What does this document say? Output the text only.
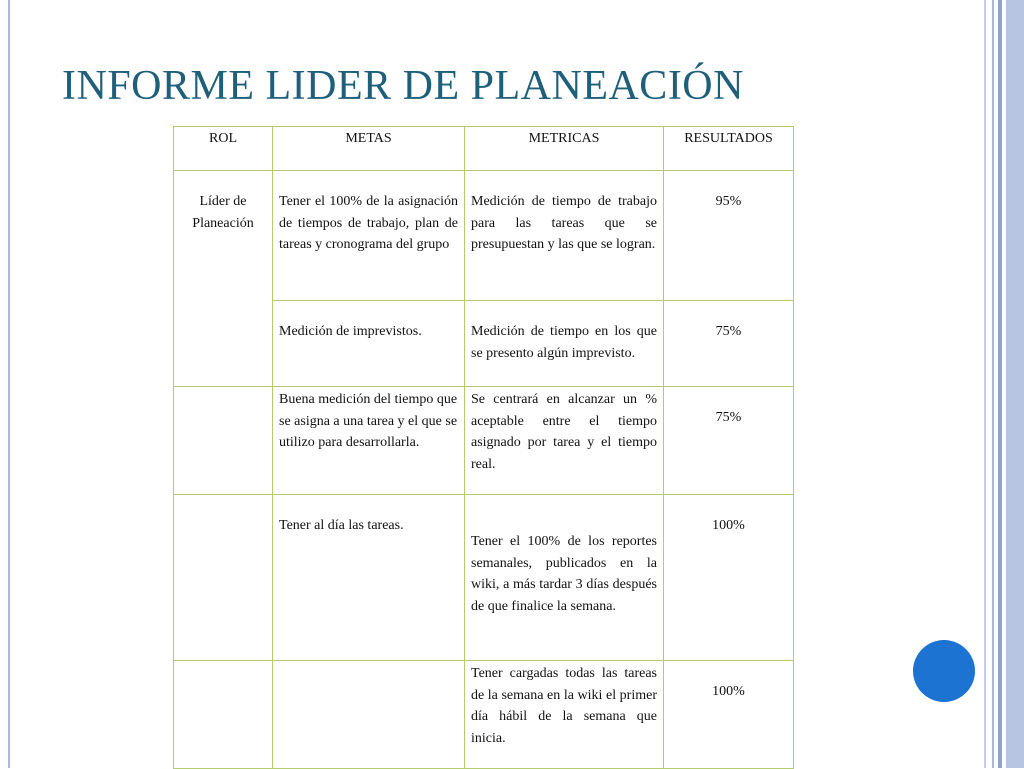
INFORME LIDER DE PLANEACIÓN
ROL	METAS	METRICAS	RESULTADOS
Líder de Planeación	Tener el 100% de la asignación de tiempos de trabajo, plan de tareas y cronograma del grupo	Medición de tiempo de trabajo para las tareas que se presupuestan y las que se logran.	95%
	Medición de imprevistos.	Medición de tiempo en los que se presento algún imprevisto.	75%
	Buena medición del tiempo que se asigna a una tarea y el que se utilizo para desarrollarla.	Se centrará en alcanzar un % aceptable entre el tiempo asignado por tarea y el tiempo real.	75%
	Tener al día las tareas.	Tener el 100% de los reportes semanales, publicados en la wiki, a más tardar 3 días después de que finalice la semana.	100%
		Tener cargadas todas las tareas de la semana en la wiki el primer día hábil de la semana que inicia.	100%
